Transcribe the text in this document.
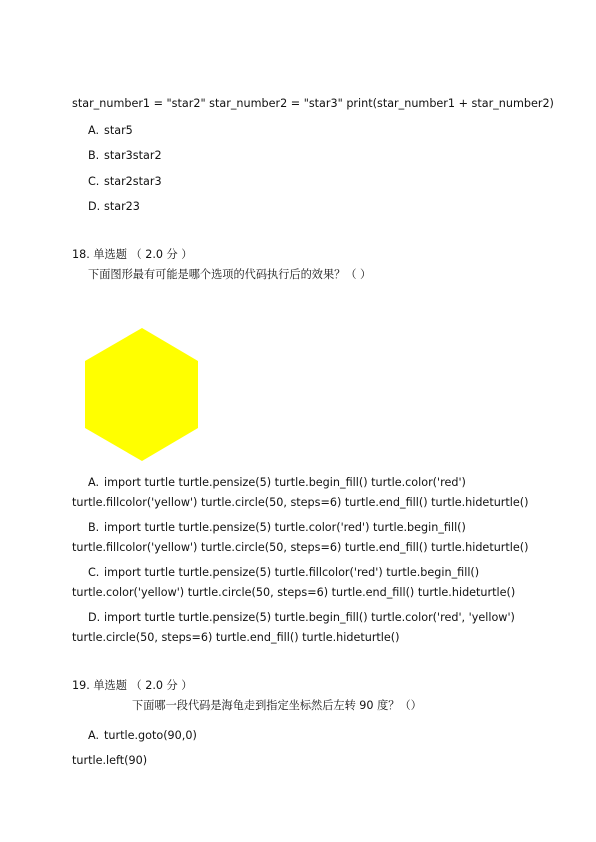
star_number1 = "star2" star_number2 = "star3" print(star_number1 + star_number2)
A. star5
B. star3star2
C. star2star3
D. star23
18. 单选题 （ 2.0 分 ）
下面图形最有可能是哪个选项的代码执行后的效果？（ ）
A. import turtle turtle.pensize(5) turtle.begin_fill() turtle.color('red')
turtle.fillcolor('yellow') turtle.circle(50, steps=6) turtle.end_fill() turtle.hideturtle()
B. import turtle turtle.pensize(5) turtle.color('red') turtle.begin_fill()
turtle.fillcolor('yellow') turtle.circle(50, steps=6) turtle.end_fill() turtle.hideturtle()
C. import turtle turtle.pensize(5) turtle.fillcolor('red') turtle.begin_fill()
turtle.color('yellow') turtle.circle(50, steps=6) turtle.end_fill() turtle.hideturtle()
D. import turtle turtle.pensize(5) turtle.begin_fill() turtle.color('red', 'yellow')
turtle.circle(50, steps=6) turtle.end_fill() turtle.hideturtle()
19. 单选题 （ 2.0 分 ）
下面哪一段代码是海龟走到指定坐标然后左转 90 度？（）
A. turtle.goto(90,0)
turtle.left(90)
